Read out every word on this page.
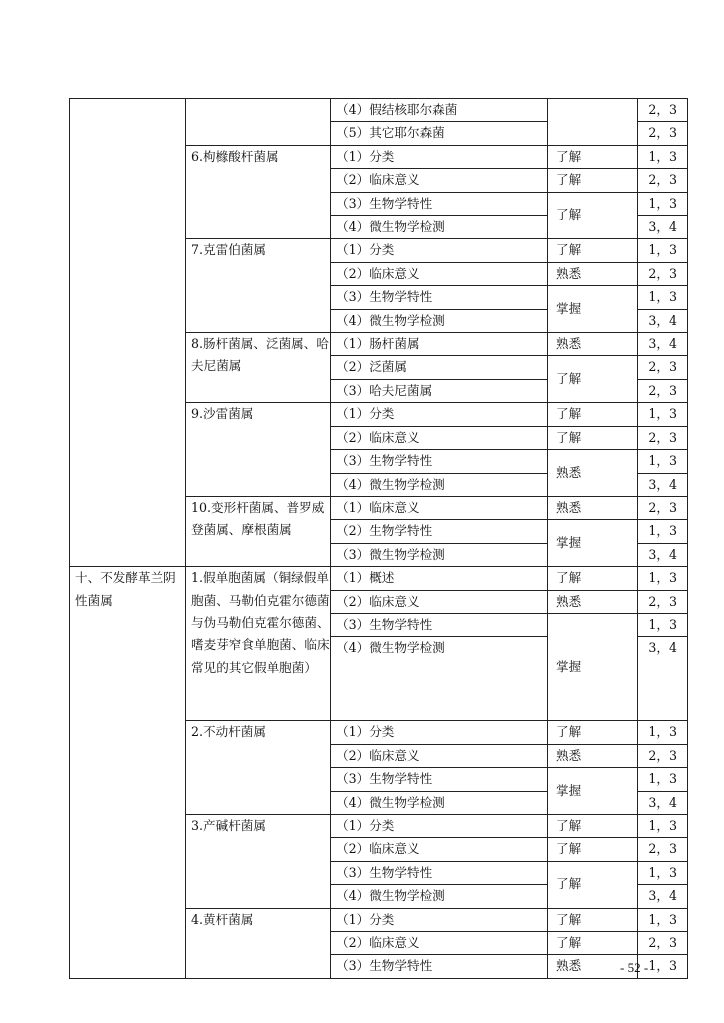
		（4）假结核耶尔森菌		2，3
		（5）其它耶尔森菌		2，3
	6.枸橼酸杆菌属	（1）分类	了解	1，3
		（2）临床意义	了解	2，3
		（3）生物学特性	了解	1，3
		（4）微生物学检测		3，4
	7.克雷伯菌属	（1）分类	了解	1，3
		（2）临床意义	熟悉	2，3
		（3）生物学特性	掌握	1，3
		（4）微生物学检测		3，4
	8.肠杆菌属、泛菌属、哈夫尼菌属	（1）肠杆菌属	熟悉	3，4
		（2）泛菌属	了解	2，3
		（3）哈夫尼菌属		2，3
	9.沙雷菌属	（1）分类	了解	1，3
		（2）临床意义	了解	2，3
		（3）生物学特性	熟悉	1，3
		（4）微生物学检测		3，4
	10.变形杆菌属、普罗威登菌属、摩根菌属	（1）临床意义	熟悉	2，3
		（2）生物学特性	掌握	1，3
		（3）微生物学检测		3，4
十、不发酵革兰阴性菌属	1.假单胞菌属（铜绿假单胞菌、马勒伯克霍尔德菌与伪马勒伯克霍尔德菌、嗜麦芽窄食单胞菌、临床常见的其它假单胞菌）	（1）概述	了解	1，3
		（2）临床意义	熟悉	2，3
		（3）生物学特性	掌握	1，3
		（4）微生物学检测		3，4
	2.不动杆菌属	（1）分类	了解	1，3
		（2）临床意义	熟悉	2，3
		（3）生物学特性	掌握	1，3
		（4）微生物学检测		3，4
	3.产碱杆菌属	（1）分类	了解	1，3
		（2）临床意义	了解	2，3
		（3）生物学特性	了解	1，3
		（4）微生物学检测		3，4
	4.黄杆菌属	（1）分类	了解	1，3
		（2）临床意义	了解	2，3
		（3）生物学特性	熟悉	1，3
- 52 -
